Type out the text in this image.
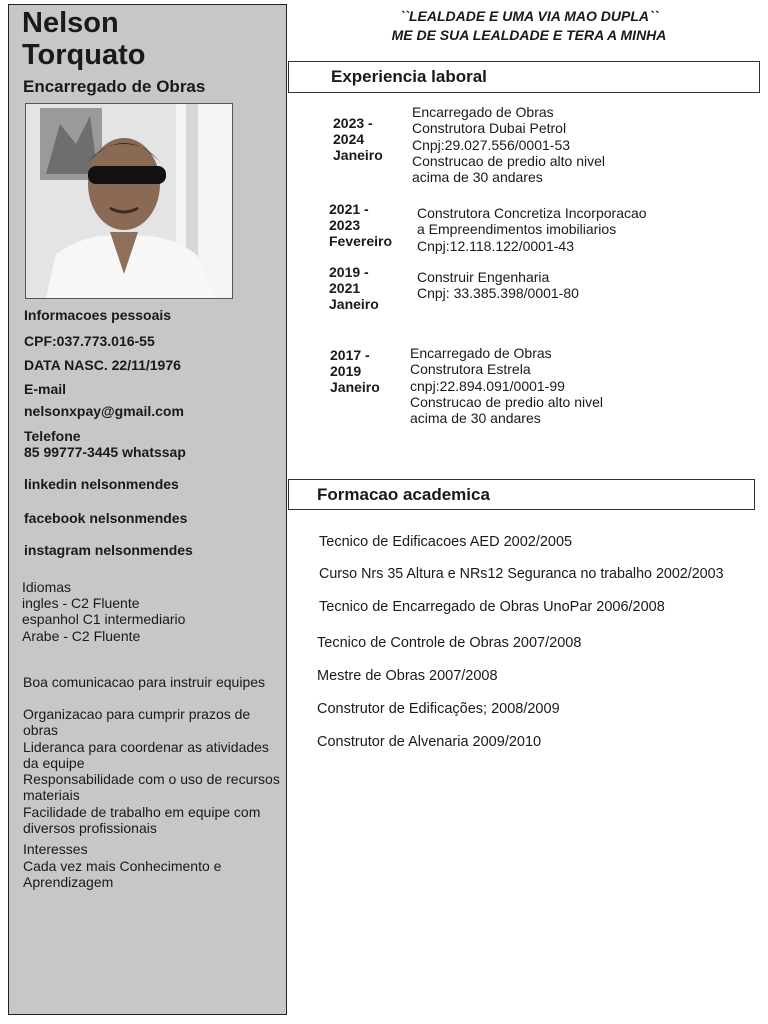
Nelson
Torquato
Encarregado de Obras
Informacoes pessoais
CPF:037.773.016-55
DATA NASC. 22/11/1976
E-mail
nelsonxpay@gmail.com
Telefone
85 99777-3445 whatssap
linkedin nelsonmendes
facebook nelsonmendes
instagram nelsonmendes
Idiomas
ingles - C2 Fluente
espanhol C1 intermediario
Arabe - C2 Fluente
Boa comunicacao para instruir equipes
Organizacao para cumprir prazos de obras
Lideranca para coordenar as atividades da equipe
Responsabilidade com o uso de recursos materiais
Facilidade de trabalho em equipe com diversos profissionais
Interesses
Cada vez mais Conhecimento e Aprendizagem
``LEALDADE E UMA VIA MAO DUPLA``
ME DE SUA LEALDADE E TERA A MINHA
Experiencia laboral
2023 -
2024
Janeiro
Encarregado de Obras
Construtora Dubai Petrol
Cnpj:29.027.556/0001-53
Construcao de predio alto nivel
acima de 30 andares
2021 -
2023
Fevereiro
Construtora Concretiza Incorporacao
a Empreendimentos imobiliarios
Cnpj:12.118.122/0001-43
2019 -
2021
Janeiro
Construir Engenharia
Cnpj: 33.385.398/0001-80
2017 -
2019
Janeiro
Encarregado de Obras
Construtora Estrela
cnpj:22.894.091/0001-99
Construcao de predio alto nivel
acima de 30 andares
Formacao academica
Tecnico de Edificacoes AED 2002/2005
Curso Nrs 35 Altura e NRs12 Seguranca no trabalho 2002/2003
Tecnico de Encarregado de Obras UnoPar 2006/2008
Tecnico de Controle de Obras 2007/2008
Mestre de Obras 2007/2008
Construtor de Edificações; 2008/2009
Construtor de Alvenaria 2009/2010
